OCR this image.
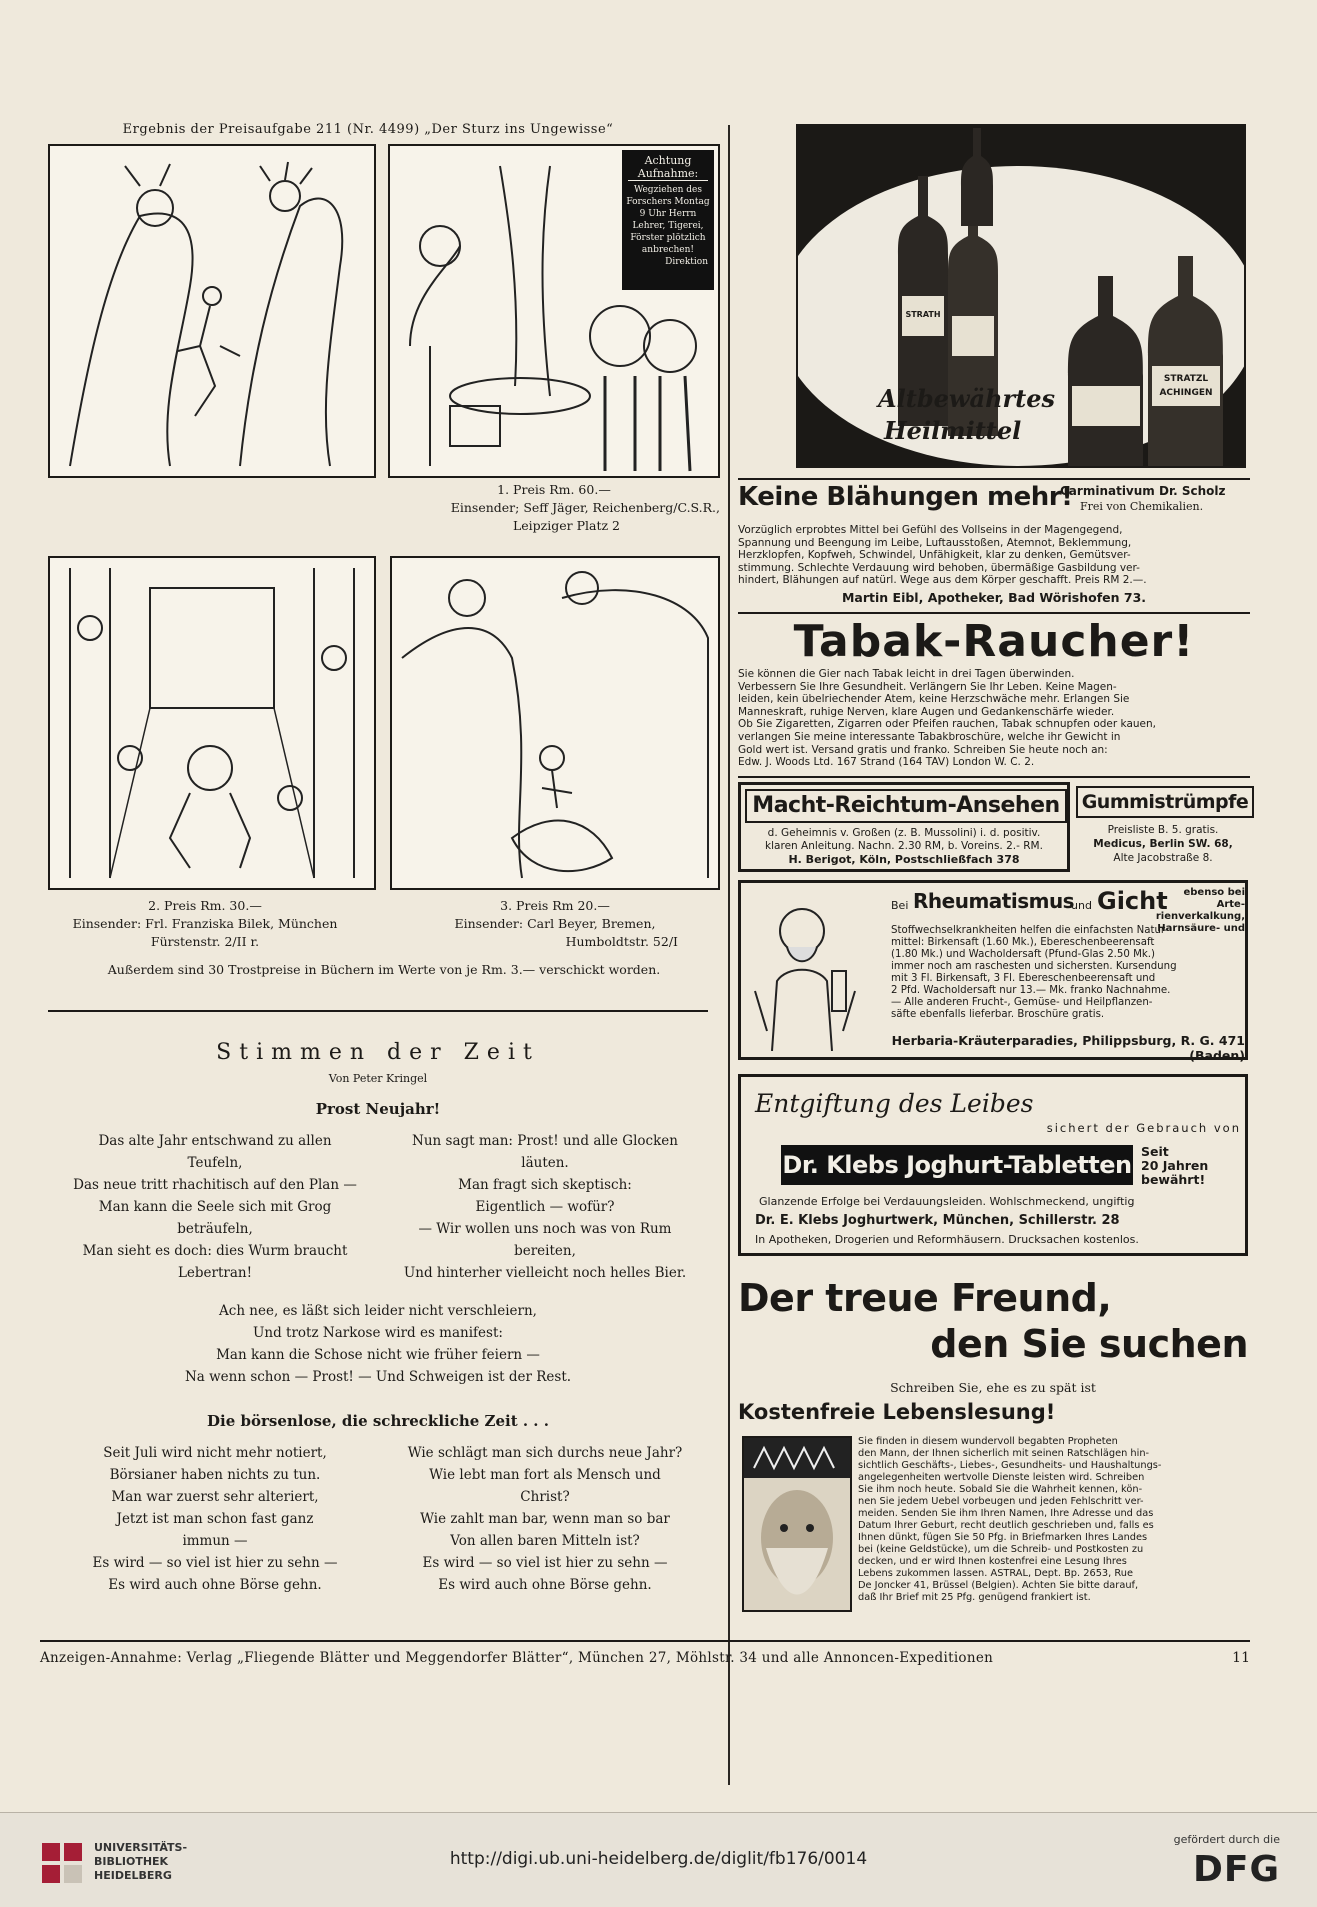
Ergebnis der Preisaufgabe 211 (Nr. 4499) „Der Sturz ins Ungewisse“
Achtung
Aufnahme:
Wegziehen des
Forschers Montag
9 Uhr Herrn
Lehrer, Tigerei,
Förster plötzlich
anbrechen!
Direktion
1. Preis Rm. 60.—
Einsender; Seff Jäger, Reichenberg/C.S.R.,
Leipziger Platz 2
2. Preis Rm. 30.—
Einsender: Frl. Franziska Bilek, München
Fürstenstr. 2/II r.
3. Preis Rm 20.—
Einsender: Carl Beyer, Bremen,
Humboldtstr. 52/I
Außerdem sind 30 Trostpreise in Büchern im Werte von je Rm. 3.— verschickt worden.
Stimmen der Zeit
Von Peter Kringel
Prost Neujahr!
Das alte Jahr entschwand zu allen
Teufeln,
Das neue tritt rhachitisch auf den Plan —
Man kann die Seele sich mit Grog
beträufeln,
Man sieht es doch: dies Wurm braucht
Lebertran!
Nun sagt man: Prost! und alle Glocken
läuten.
Man fragt sich skeptisch:
Eigentlich — wofür?
— Wir wollen uns noch was von Rum
bereiten,
Und hinterher vielleicht noch helles Bier.
Ach nee, es läßt sich leider nicht verschleiern,
Und trotz Narkose wird es manifest:
Man kann die Schose nicht wie früher feiern —
Na wenn schon — Prost! — Und Schweigen ist der Rest.
Die börsenlose, die schreckliche Zeit . . .
Seit Juli wird nicht mehr notiert,
Börsianer haben nichts zu tun.
Man war zuerst sehr alteriert,
Jetzt ist man schon fast ganz
immun —
Es wird — so viel ist hier zu sehn —
Es wird auch ohne Börse gehn.
Wie schlägt man sich durchs neue Jahr?
Wie lebt man fort als Mensch und
Christ?
Wie zahlt man bar, wenn man so bar
Von allen baren Mitteln ist?
Es wird — so viel ist hier zu sehn —
Es wird auch ohne Börse gehn.
STRATH
STRATZL
ACHINGEN
Altbewährtes
Heilmittel
Keine Blähungen mehr!
Carminativum Dr. Scholz
Frei von Chemikalien.
Vorzüglich erprobtes Mittel bei Gefühl des Vollseins in der Magengegend,
Spannung und Beengung im Leibe, Luftausstoßen, Atemnot, Beklemmung,
Herzklopfen, Kopfweh, Schwindel, Unfähigkeit, klar zu denken, Gemütsver-
stimmung. Schlechte Verdauung wird behoben, übermäßige Gasbildung ver-
hindert, Blähungen auf natürl. Wege aus dem Körper geschafft. Preis RM 2.—.
Martin Eibl, Apotheker, Bad Wörishofen 73.
Tabak-Raucher!
Sie können die Gier nach Tabak leicht in drei Tagen überwinden.
Verbessern Sie Ihre Gesundheit. Verlängern Sie Ihr Leben. Keine Magen-
leiden, kein übelriechender Atem, keine Herzschwäche mehr. Erlangen Sie
Manneskraft, ruhige Nerven, klare Augen und Gedankenschärfe wieder.
Ob Sie Zigaretten, Zigarren oder Pfeifen rauchen, Tabak schnupfen oder kauen,
verlangen Sie meine interessante Tabakbroschüre, welche ihr Gewicht in
Gold wert ist. Versand gratis und franko. Schreiben Sie heute noch an:
Edw. J. Woods Ltd. 167 Strand (164 TAV) London W. C. 2.
Macht-Reichtum-Ansehen
d. Geheimnis v. Großen (z. B. Mussolini) i. d. positiv.
klaren Anleitung. Nachn. 2.30 RM, b. Voreins. 2.- RM.
H. Berigot, Köln, Postschließfach 378
Gummistrümpfe
Preisliste B. 5. gratis.
Medicus, Berlin SW. 68,
Alte Jacobstraße 8.
Bei Rheumatismus
und Gicht	ebenso bei Arte-
rienverkalkung,
Harnsäure- und
Stoffwechselkrankheiten helfen die einfachsten Natur-
mittel: Birkensaft (1.60 Mk.), Ebereschenbeerensaft
(1.80 Mk.) und Wacholdersaft (Pfund-Glas 2.50 Mk.)
immer noch am raschesten und sichersten. Kursendung
mit 3 Fl. Birkensaft, 3 Fl. Ebereschenbeerensaft und
2 Pfd. Wacholdersaft nur 13.— Mk. franko Nachnahme.
— Alle anderen Frucht-, Gemüse- und Heilpflanzen-
säfte ebenfalls lieferbar. Broschüre gratis.
Herbaria-Kräuterparadies, Philippsburg, R. G. 471 (Baden)
Entgiftung des Leibes
sichert der Gebrauch von
Dr. Klebs Joghurt-Tabletten Seit
20 Jahren
bewährt!
Glanzende Erfolge bei Verdauungsleiden. Wohlschmeckend, ungiftig
Dr. E. Klebs Joghurtwerk, München, Schillerstr. 28
In Apotheken, Drogerien und Reformhäusern. Drucksachen kostenlos.
Der treue Freund,
den Sie suchen
Schreiben Sie, ehe es zu spät ist
Kostenfreie Lebenslesung!
Sie finden in diesem wundervoll begabten Propheten
den Mann, der Ihnen sicherlich mit seinen Ratschlägen hin-
sichtlich Geschäfts-, Liebes-, Gesundheits- und Haushaltungs-
angelegenheiten wertvolle Dienste leisten wird. Schreiben
Sie ihm noch heute. Sobald Sie die Wahrheit kennen, kön-
nen Sie jedem Uebel vorbeugen und jeden Fehlschritt ver-
meiden. Senden Sie ihm Ihren Namen, Ihre Adresse und das
Datum Ihrer Geburt, recht deutlich geschrieben und, falls es
Ihnen dünkt, fügen Sie 50 Pfg. in Briefmarken Ihres Landes
bei (keine Geldstücke), um die Schreib- und Postkosten zu
decken, und er wird Ihnen kostenfrei eine Lesung Ihres
Lebens zukommen lassen. ASTRAL, Dept. Bp. 2653, Rue
De Joncker 41, Brüssel (Belgien). Achten Sie bitte darauf,
daß Ihr Brief mit 25 Pfg. genügend frankiert ist.
Anzeigen-Annahme: Verlag „Fliegende Blätter und Meggendorfer Blätter“, München 27, Möhlstr. 34 und alle Annoncen-Expeditionen	11
UNIVERSITÄTS-
BIBLIOTHEK
HEIDELBERG
http://digi.ub.uni-heidelberg.de/diglit/fb176/0014
gefördert durch die
DFG
